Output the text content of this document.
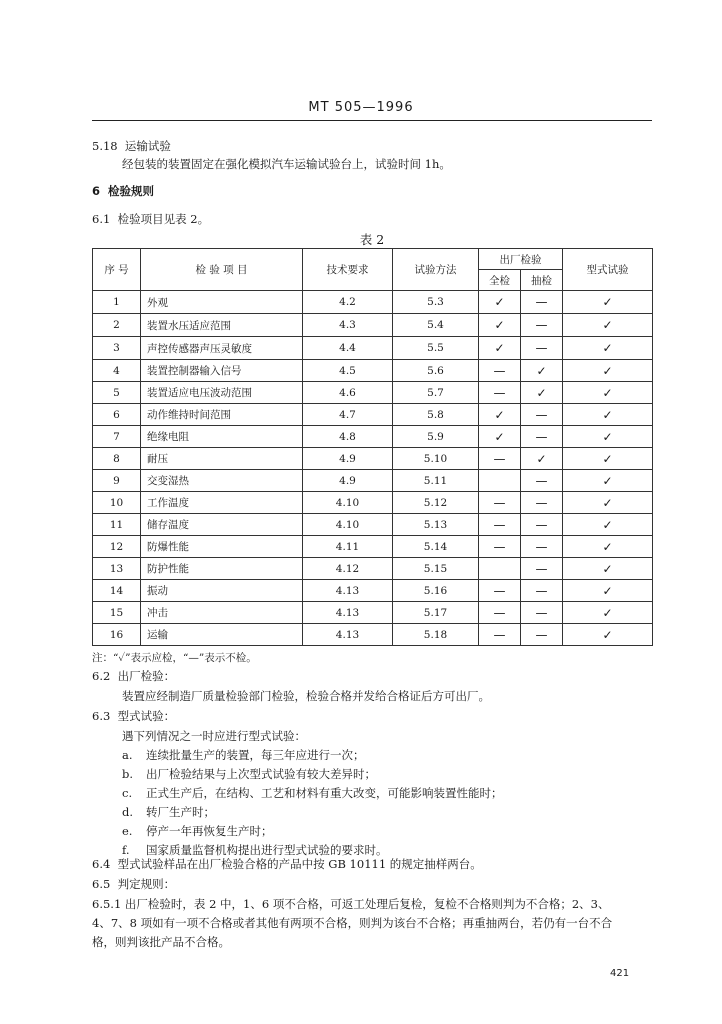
MT 505—1996
5.18 运输试验
经包装的装置固定在强化模拟汽车运输试验台上，试验时间 1h。
6 检验规则
6.1 检验项目见表 2。
表 2
序 号	检 验 项 目	技术要求	试验方法	出厂检验		型式试验
				全检	抽检	
1	外观	4.2	5.3	✓	—	✓
2	装置水压适应范围	4.3	5.4	✓	—	✓
3	声控传感器声压灵敏度	4.4	5.5	✓	—	✓
4	装置控制器输入信号	4.5	5.6	—	✓	✓
5	装置适应电压波动范围	4.6	5.7	—	✓	✓
6	动作维持时间范围	4.7	5.8	✓	—	✓
7	绝缘电阻	4.8	5.9	✓	—	✓
8	耐压	4.9	5.10	—	✓	✓
9	交变湿热	4.9	5.11		—	✓
10	工作温度	4.10	5.12	—	—	✓
11	储存温度	4.10	5.13	—	—	✓
12	防爆性能	4.11	5.14	—	—	✓
13	防护性能	4.12	5.15		—	✓
14	振动	4.13	5.16	—	—	✓
15	冲击	4.13	5.17	—	—	✓
16	运输	4.13	5.18	—	—	✓
注：“✓”表示应检，“—”表示不检。
6.2 出厂检验：
装置应经制造厂质量检验部门检验，检验合格并发给合格证后方可出厂。
6.3 型式试验：
遇下列情况之一时应进行型式试验：
a. 连续批量生产的装置，每三年应进行一次；
b. 出厂检验结果与上次型式试验有较大差异时；
c. 正式生产后，在结构、工艺和材料有重大改变，可能影响装置性能时；
d. 转厂生产时；
e. 停产一年再恢复生产时；
f. 国家质量监督机构提出进行型式试验的要求时。
6.4 型式试验样品在出厂检验合格的产品中按 GB 10111 的规定抽样两台。
6.5 判定规则：
6.5.1 出厂检验时，表 2 中，1、6 项不合格，可返工处理后复检，复检不合格则判为不合格；2、3、
4、7、8 项如有一项不合格或者其他有两项不合格，则判为该台不合格；再重抽两台，若仍有一台不合
格，则判该批产品不合格。
421
